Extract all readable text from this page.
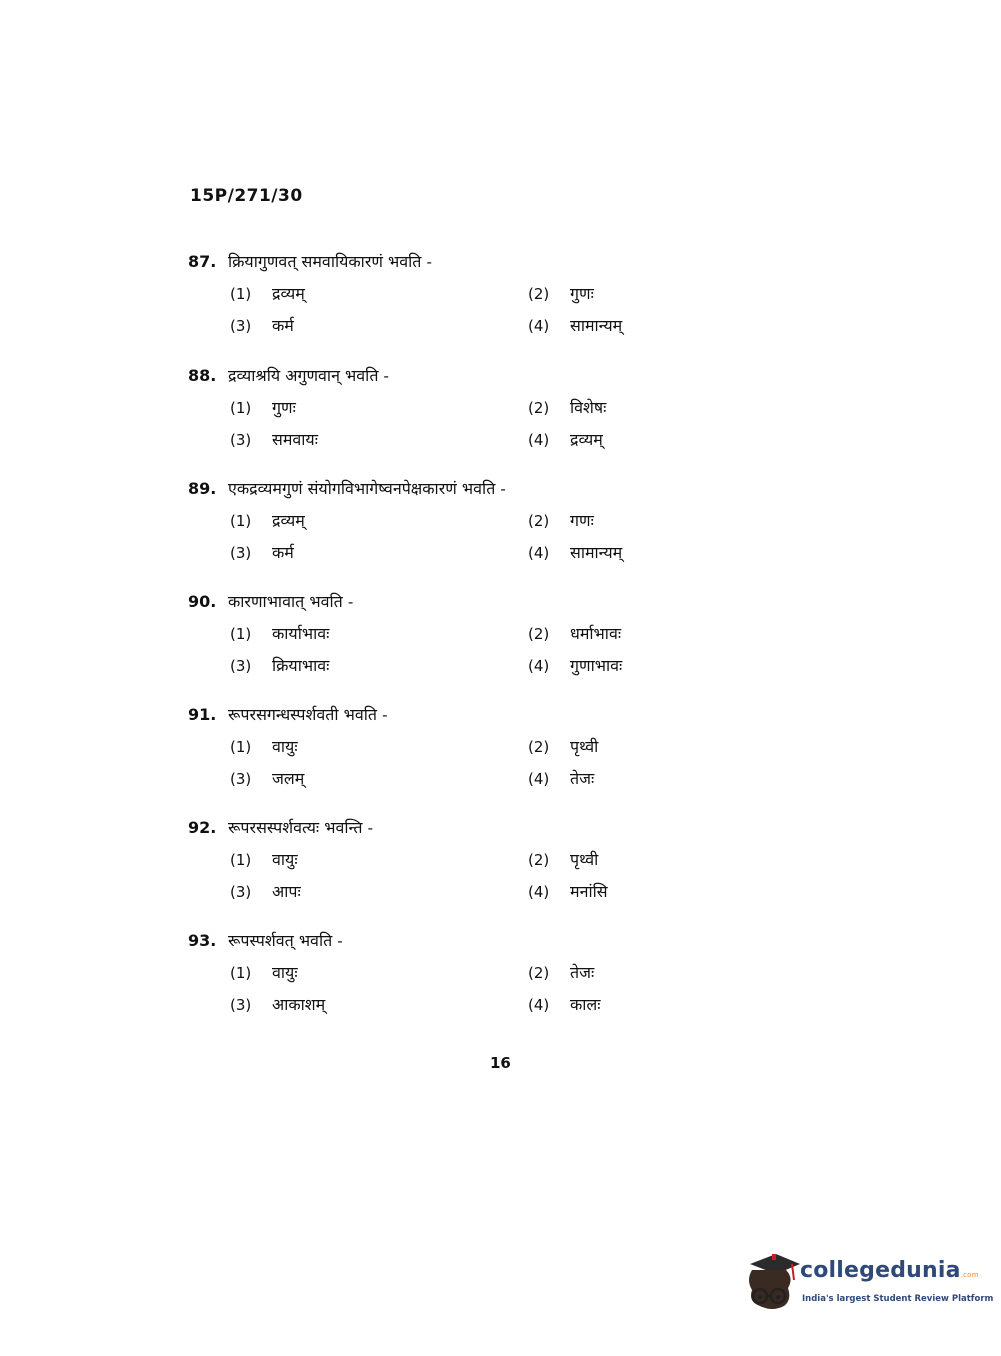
15P/271/30
87. क्रियागुणवत् समवायिकारणं भवति -
(1)	द्रव्यम्	(2)	गुणः
(3)	कर्म	(4)	सामान्यम्
88. द्रव्याश्रयि अगुणवान् भवति -
(1)	गुणः	(2)	विशेषः
(3)	समवायः	(4)	द्रव्यम्
89. एकद्रव्यमगुणं संयोगविभागेष्वनपेक्षकारणं भवति -
(1)	द्रव्यम्	(2)	गणः
(3)	कर्म	(4)	सामान्यम्
90. कारणाभावात् भवति -
(1)	कार्याभावः	(2)	धर्माभावः
(3)	क्रियाभावः	(4)	गुणाभावः
91. रूपरसगन्धस्पर्शवती भवति -
(1)	वायुः	(2)	पृथ्वी
(3)	जलम्	(4)	तेजः
92. रूपरसस्पर्शवत्यः भवन्ति -
(1)	वायुः	(2)	पृथ्वी
(3)	आपः	(4)	मनांसि
93. रूपस्पर्शवत् भवति -
(1)	वायुः	(2)	तेजः
(3)	आकाशम्	(4)	कालः
16
collegedunia.com
India's largest Student Review Platform
